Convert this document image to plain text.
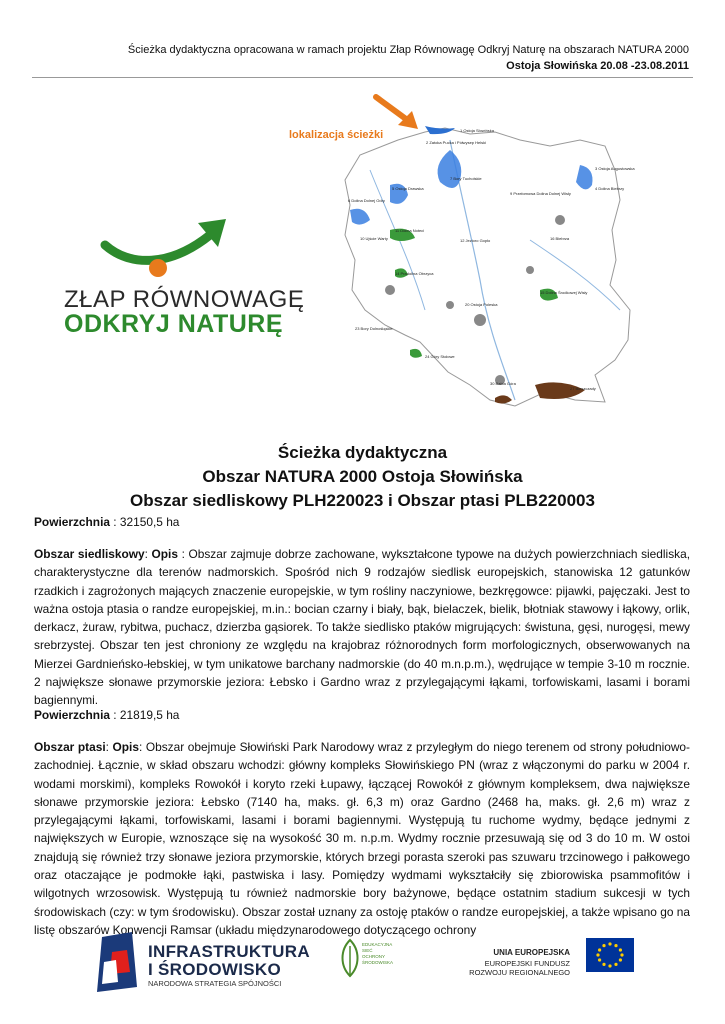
Ścieżka dydaktyczna opracowana w ramach projektu Złap Równowagę Odkryj Naturę na obszarach NATURA 2000
Ostoja Słowińska 20.08 -23.08.2011
ZŁAP RÓWNOWAGĘ
ODKRYJ NATURĘ
lokalizacja ścieżki	1 Ostoja Słowińska
2 Zatoka Pucka i Półwysep Helski
3 Ostoja Augustowska
4 Dolina Biebrzy
5 Ostoja Drawska
6 Dolina Dolnej Odry
7 Bory Tucholskie
9 Przełomowa Dolina Dolnej Wisły
10 Ujście Warty
11 Dolina Noteci
12 Jezioro Gopło	16 Biebrza
14 Pradolina Obrzyca
15 Dolina Środkowej Wisły
20 Ostoja Poleska
23 Bory Dolnośląskie
24 Góry Stołowe
30 Babia Góra
27 Bieszczady
Ścieżka dydaktyczna
Obszar NATURA 2000 Ostoja Słowińska
Obszar siedliskowy PLH220023 i Obszar ptasi PLB220003
Powierzchnia : 32150,5 ha
Obszar siedliskowy: Opis : Obszar zajmuje dobrze zachowane, wykształcone typowe na dużych powierzchniach siedliska, charakterystyczne dla terenów nadmorskich. Spośród nich 9 rodzajów siedlisk europejskich, stanowiska 12 gatunków rzadkich i zagrożonych mających znaczenie europejskie, w tym rośliny naczyniowe, bezkręgowce: pijawki, pajęczaki. Jest to ważna ostoja ptasia o randze europejskiej, m.in.: bocian czarny i biały, bąk, bielaczek, bielik, błotniak stawowy i łąkowy, orlik, derkacz, żuraw, rybitwa, puchacz, dzierzba gąsiorek. To także siedlisko ptaków migrujących: świstuna, gęsi, nurogęsi, mewy srebrzystej. Obszar ten jest chroniony ze względu na krajobraz różnorodnych form morfologicznych, obserwowanych na Mierzei Gardnieńsko-łebskiej, w tym unikatowe barchany nadmorskie (do 40 m.n.p.m.), wędrujące w tempie 3-10 m rocznie. 2 największe słonawe przymorskie jeziora: Łebsko i Gardno wraz z przylegającymi łąkami, torfowiskami, lasami i borami bagiennymi.
Powierzchnia : 21819,5 ha
Obszar ptasi: Opis: Obszar obejmuje Słowiński Park Narodowy wraz z przyległym do niego terenem od strony południowo-zachodniej. Łącznie, w skład obszaru wchodzi: główny kompleks Słowińskiego PN (wraz z włączonymi do parku w 2004 r. wodami morskimi), kompleks Rowokół i koryto rzeki Łupawy, łączącej Rowokół z głównym kompleksem, dwa największe słonawe przymorskie jeziora: Łebsko (7140 ha, maks. gł. 6,3 m) oraz Gardno (2468 ha, maks. gł. 2,6 m) wraz z przylegającymi łąkami, torfowiskami, lasami i borami bagiennymi. Występują tu ruchome wydmy, będące jednymi z największych w Europie, wznoszące się na wysokość 30 m. n.p.m. Wydmy rocznie przesuwają się od 3 do 10 m. W ostoi znajdują się również trzy słonawe jeziora przymorskie, których brzegi porasta szeroki pas szuwaru trzcinowego i pałkowego oraz otaczające je podmokłe łąki, pastwiska i lasy. Pomiędzy wydmami wykształciły się zbiorowiska psammofitów i wilgotnych wrzosowisk. Występują tu również nadmorskie bory bażynowe, będące ostatnim stadium sukcesji w tych środowiskach (czy: w tym środowisku). Obszar został uznany za ostoję ptaków o randze europejskiej, a także wpisano go na listę obszarów Konwencji Ramsar (układu międzynarodowego dotyczącego ochrony
INFRASTRUKTURA
I ŚRODOWISKO
NARODOWA STRATEGIA SPÓJNOŚCI
EDUKACYJNA SIEĆ OCHRONY ŚRODOWISKA
UNIA EUROPEJSKA
EUROPEJSKI FUNDUSZ
ROZWOJU REGIONALNEGO
